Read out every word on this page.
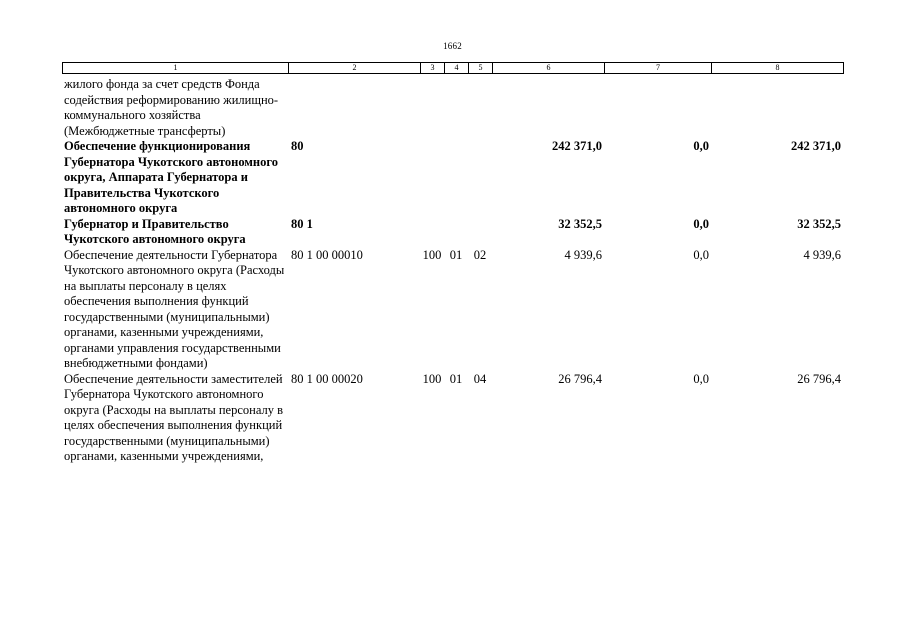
1662
1	2	3	4	5	6	7	8
жилого фонда за счет средств Фонда содействия реформированию жилищно-коммунального хозяйства (Межбюджетные трансферты)							
Обеспечение функционирования Губернатора Чукотского автономного округа, Аппарата Губернатора и Правительства Чукотского автономного округа	80				242 371,0	0,0	242 371,0
Губернатор и Правительство Чукотского автономного округа	80 1				32 352,5	0,0	32 352,5
Обеспечение деятельности Губернатора Чукотского автономного округа (Расходы на выплаты персоналу в целях обеспечения выполнения функций государственными (муниципальными) органами, казенными учреждениями, органами управления государственными внебюджетными фондами)	80 1 00 00010	100	01	02	4 939,6	0,0	4 939,6
Обеспечение деятельности заместителей Губернатора Чукотского автономного округа (Расходы на выплаты персоналу в целях обеспечения выполнения функций государственными (муниципальными) органами, казенными учреждениями,	80 1 00 00020	100	01	04	26 796,4	0,0	26 796,4
